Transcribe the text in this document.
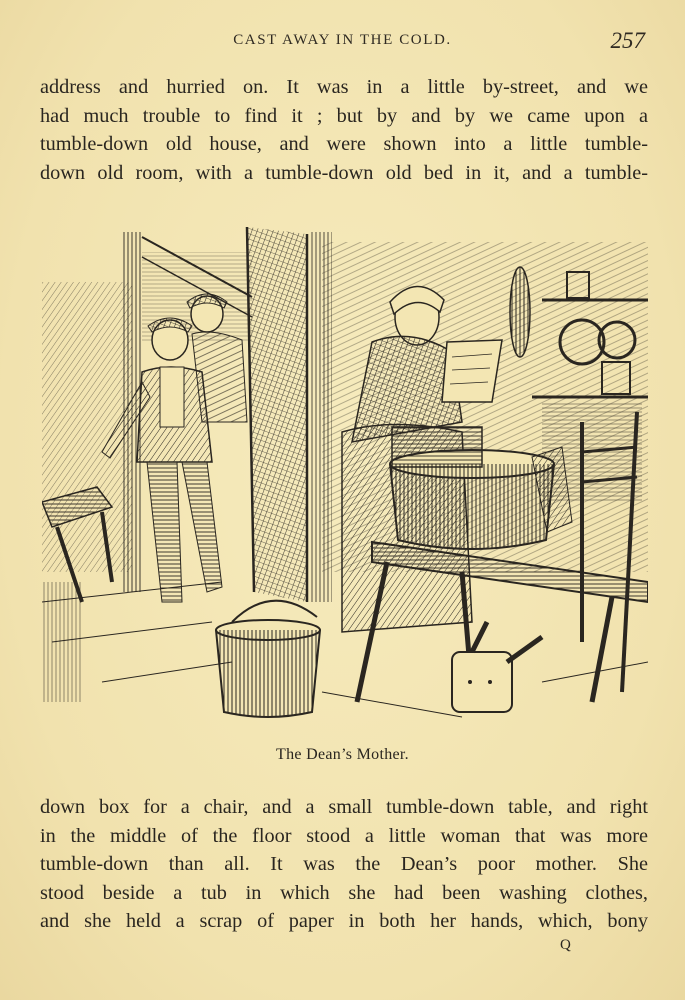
CAST AWAY IN THE COLD.	257
address and hurried on. It was in a little by-street, and we
had much trouble to find it ; but by and by we came upon a
tumble-down old house, and were shown into a little tumble-
down old room, with a tumble-down old bed in it, and a tumble-
The Dean’s Mother.
down box for a chair, and a small tumble-down table, and right
in the middle of the floor stood a little woman that was more
tumble-down than all. It was the Dean’s poor mother. She
stood beside a tub in which she had been washing clothes,
and she held a scrap of paper in both her hands, which, bony
Q
